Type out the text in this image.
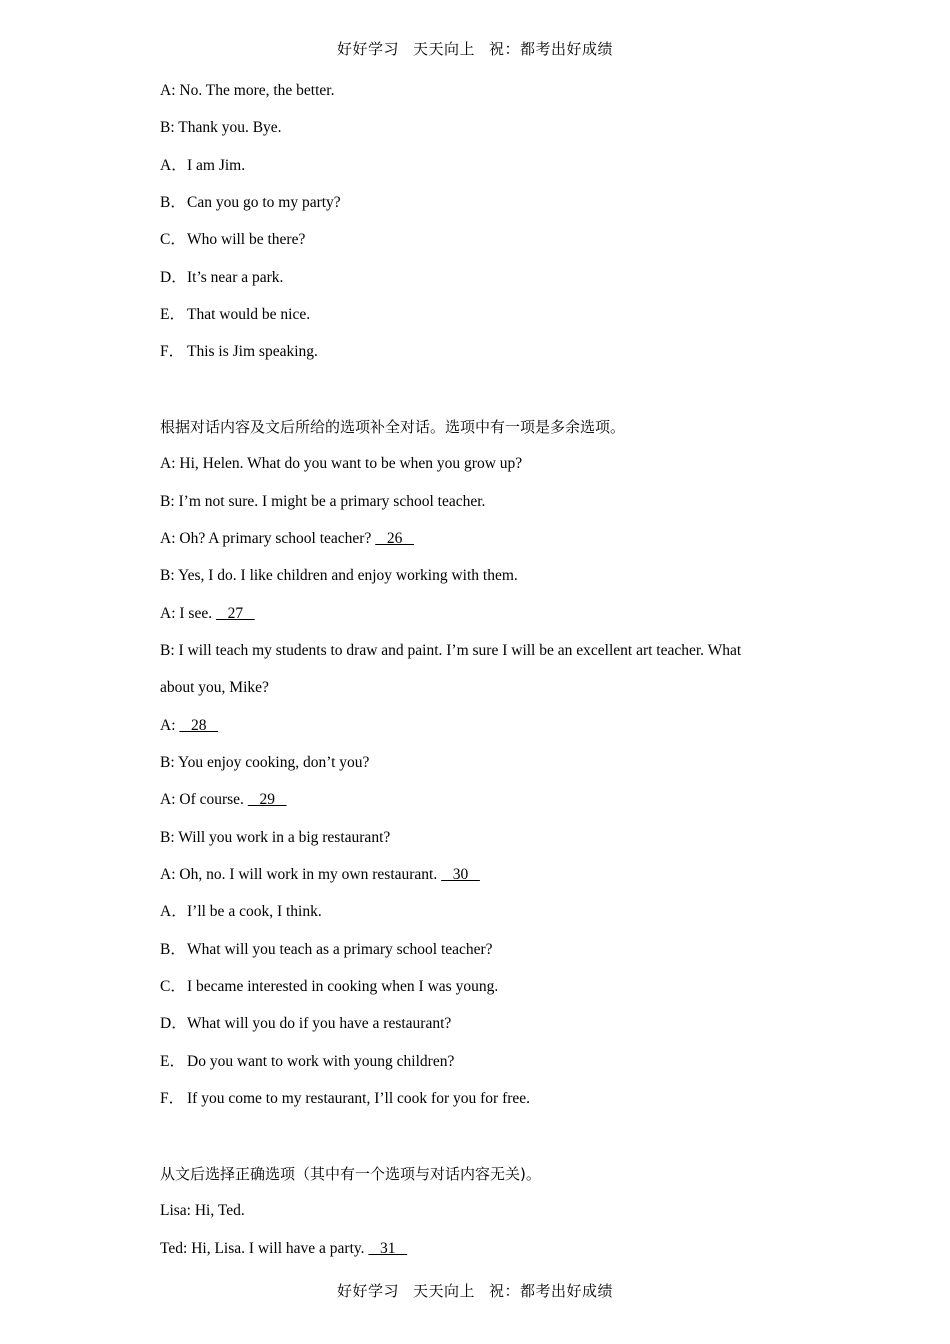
好好学习 天天向上 祝：都考出好成绩
A: No. The more, the better.
B: Thank you. Bye.
A．I am Jim.
B．Can you go to my party?
C．Who will be there?
D．It’s near a park.
E． That would be nice.
F． This is Jim speaking.
根据对话内容及文后所给的选项补全对话。选项中有一项是多余选项。
A: Hi, Helen. What do you want to be when you grow up?
B: I’m not sure. I might be a primary school teacher.
A: Oh? A primary school teacher?    26
B: Yes, I do. I like children and enjoy working with them.
A: I see.    27
B: I will teach my students to draw and paint. I’m sure I will be an excellent art teacher. What
about you, Mike?
A:    28
B: You enjoy cooking, don’t you?
A: Of course.    29
B: Will you work in a big restaurant?
A: Oh, no. I will work in my own restaurant.    30
A．I’ll be a cook, I think.
B．What will you teach as a primary school teacher?
C．I became interested in cooking when I was young.
D．What will you do if you have a restaurant?
E． Do you want to work with young children?
F． If you come to my restaurant, I’ll cook for you for free.
从文后选择正确选项（其中有一个选项与对话内容无关)。
Lisa: Hi, Ted.
Ted: Hi, Lisa. I will have a party.    31
好好学习 天天向上 祝：都考出好成绩
